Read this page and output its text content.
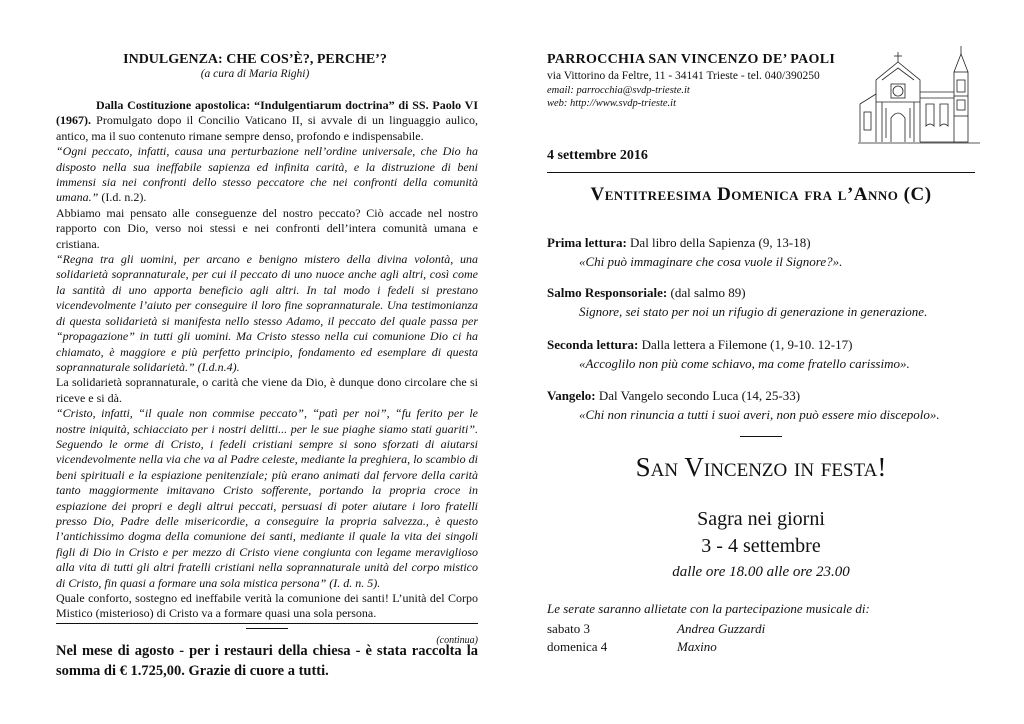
INDULGENZA: CHE COS’È?, PERCHE’?
(a cura di Maria Righi)

Dalla Costituzione apostolica: “Indulgentiarum doctrina” di SS. Paolo VI (1967). Promulgato dopo il Concilio Vaticano II, si avvale di un linguaggio aulico, antico, ma il suo contenuto rimane sempre denso, profondo e indispensabile.

“Ogni peccato, infatti, causa una perturbazione nell’ordine universale, che Dio ha disposto nella sua ineffabile sapienza ed infinita carità, e la distruzione di beni immensi sia nei confronti dello stesso peccatore che nei confronti della comunità umana.” (I.d. n.2).

Abbiamo mai pensato alle conseguenze del nostro peccato? Ciò accade nel nostro rapporto con Dio, verso noi stessi e nei confronti dell’intera comunità umana e cristiana.

“Regna tra gli uomini, per arcano e benigno mistero della divina volontà, una solidarietà soprannaturale, per cui il peccato di uno nuoce anche agli altri, così come la santità di uno apporta beneficio agli altri. In tal modo i fedeli si prestano vicendevolmente l’aiuto per conseguire il loro fine soprannaturale. Una testimonianza di questa solidarietà si manifesta nello stesso Adamo, il peccato del quale passa per “propagazione” in tutti gli uomini. Ma Cristo stesso nella cui comunione Dio ci ha chiamato, è maggiore e più perfetto principio, fondamento ed esemplare di questa soprannaturale solidarietà.” (I.d.n.4).

La solidarietà soprannaturale, o carità che viene da Dio, è dunque dono circolare che si riceve e si dà.

“Cristo, infatti, “il quale non commise peccato”, “patì per noi”, “fu ferito per le nostre iniquità, schiacciato per i nostri delitti... per le sue piaghe siamo stati guariti”. Seguendo le orme di Cristo, i fedeli cristiani sempre si sono sforzati di aiutarsi vicendevolmente nella via che va al Padre celeste, mediante la preghiera, lo scambio di beni spirituali e la espiazione penitenziale; più erano animati dal fervore della carità tanto maggiormente imitavano Cristo sofferente, portando la propria croce in espiazione dei propri e degli altrui peccati, persuasi di poter aiutare i loro fratelli presso Dio, Padre delle misericordie, a conseguire la propria salvezza., è questo l’antichissimo dogma della comunione dei santi, mediante il quale la vita dei singoli figli di Dio in Cristo e per mezzo di Cristo viene congiunta con legame meraviglioso alla vita di tutti gli altri fratelli cristiani nella soprannaturale unità del corpo mistico di Cristo, fin quasi a formare una sola mistica persona” (I. d. n. 5).

Quale conforto, sostegno ed ineffabile verità la comunione dei santi! L’unità del Corpo Mistico (misterioso) di Cristo va a formare quasi una sola persona.

(continua)
Nel mese di agosto - per i restauri della chiesa - è stata raccolta la somma di € 1.725,00. Grazie di cuore a tutti.
PARROCCHIA SAN VINCENZO DE’ PAOLI
via Vittorino da Feltre, 11 - 34141 Trieste - tel. 040/390250
email: parrocchia@svdp-trieste.it
web: http://www.svdp-trieste.it
4 settembre 2016
Ventitreesima Domenica fra l’Anno (C)
Prima lettura: Dal libro della Sapienza (9, 13-18)
«Chi può immaginare che cosa vuole il Signore?».
Salmo Responsoriale: (dal salmo 89)
Signore, sei stato per noi un rifugio di generazione in generazione.
Seconda lettura: Dalla lettera a Filemone (1, 9-10. 12-17)
«Accoglilo non più come schiavo, ma come fratello carissimo».
Vangelo: Dal Vangelo secondo Luca (14, 25-33)
«Chi non rinuncia a tutti i suoi averi, non può essere mio discepolo».
San Vincenzo in festa!
Sagra nei giorni
3 - 4 settembre
dalle ore 18.00 alle ore 23.00
Le serate saranno allietate con la partecipazione musicale di:
sabato 3	Andrea Guzzardi
domenica 4	Maxino
